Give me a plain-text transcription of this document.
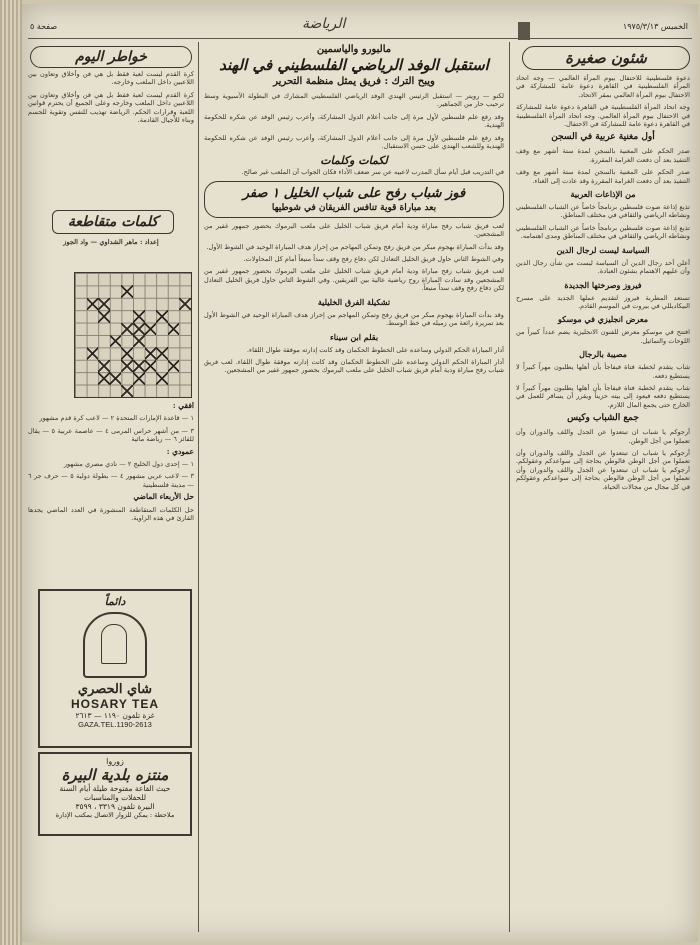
الخميس ١٩٧٥/٣/١٣
الرياضة
صفحة ٥
شئون صغيرة

دعوة فلسطينية للاحتفال بيوم المرأة العالمي — وجه اتحاد المرأة الفلسطينية في القاهرة دعوة عامة للمشاركة في الاحتفال بيوم المرأة العالمي بمقر الاتحاد.

وجه اتحاد المرأة الفلسطينية في القاهرة دعوة عامة للمشاركة في الاحتفال بيوم المرأة العالمي. وجه اتحاد المرأة الفلسطينية في القاهرة دعوة عامة للمشاركة في الاحتفال.

أول مغنية عربية في السجن

صدر الحكم على المغنية بالسجن لمدة ستة أشهر مع وقف التنفيذ بعد أن دفعت الغرامة المقررة.

صدر الحكم على المغنية بالسجن لمدة ستة أشهر مع وقف التنفيذ بعد أن دفعت الغرامة المقررة وقد عادت إلى الغناء.

من الإذاعات العربية

تذيع إذاعة صوت فلسطين برنامجاً خاصاً عن الشباب الفلسطيني ونشاطه الرياضي والثقافي في مختلف المناطق.

تذيع إذاعة صوت فلسطين برنامجاً خاصاً عن الشباب الفلسطيني ونشاطه الرياضي والثقافي في مختلف المناطق ومدى اهتمامه.

السياسة ليست لرجال الدين

أعلن أحد رجال الدين أن السياسة ليست من شأن رجال الدين وأن عليهم الاهتمام بشئون العبادة.

فيروز وصرختها الجديدة

تستعد المطربة فيروز لتقديم عملها الجديد على مسرح البيكاديللي في بيروت في الموسم القادم.

معرض انجليزي في موسكو

افتتح في موسكو معرض للفنون الانجليزية يضم عدداً كبيراً من اللوحات والتماثيل.

مصيبة بالرجال

شاب يتقدم لخطبة فتاة فيفاجأ بأن أهلها يطلبون مهراً كبيراً لا يستطيع دفعه.

شاب يتقدم لخطبة فتاة فيفاجأ بأن أهلها يطلبون مهراً كبيراً لا يستطيع دفعه فيعود إلى بيته حزيناً ويقرر أن يسافر للعمل في الخارج حتى يجمع المال اللازم.

جمع الشباب وكيس

أرجوكم يا شباب ان تبتعدوا عن الجدل واللف والدوران وأن تعملوا من أجل الوطن.

أرجوكم يا شباب ان تبتعدوا عن الجدل واللف والدوران وأن تعملوا من أجل الوطن فالوطن بحاجة إلى سواعدكم وعقولكم. أرجوكم يا شباب ان تبتعدوا عن الجدل واللف والدوران وأن تعملوا من أجل الوطن فالوطن بحاجة إلى سواعدكم وعقولكم في كل مجال من مجالات الحياة.

مالبورو والياسمين
استقبل الوفد الرياضي الفلسطيني في الهند
ويبح الترك : فريق يمثل منظمة التحرير

لكنو — رويتر — استقبل الرئيس الهندي الوفد الرياضي الفلسطيني المشارك في البطولة الآسيوية وسط ترحيب حار من الجماهير.

وقد رفع علم فلسطين لأول مرة إلى جانب أعلام الدول المشاركة، وأعرب رئيس الوفد عن شكره للحكومة الهندية.

وقد رفع علم فلسطين لأول مرة إلى جانب أعلام الدول المشاركة، وأعرب رئيس الوفد عن شكره للحكومة الهندية وللشعب الهندي على حسن الاستقبال.

لكمات وكلمات

في التدريب قبل أيام سأل المدرب لاعبيه عن سر ضعف الأداء فكان الجواب أن الملعب غير صالح.

فوز شباب رفح على شباب الخليل ١ صفر
بعد مباراة قوية تنافس الفريقان في شوطيها

لعب فريق شباب رفح مباراة ودية أمام فريق شباب الخليل على ملعب اليرموك بحضور جمهور غفير من المشجعين.

وقد بدأت المباراة بهجوم مبكر من فريق رفح وتمكن المهاجم من إحراز هدف المباراة الوحيد في الشوط الأول.

وفي الشوط الثاني حاول فريق الخليل التعادل لكن دفاع رفح وقف سداً منيعاً أمام كل المحاولات.

لعب فريق شباب رفح مباراة ودية أمام فريق شباب الخليل على ملعب اليرموك بحضور جمهور غفير من المشجعين وقد سادت المباراة روح رياضية عالية بين الفريقين. وفي الشوط الثاني حاول فريق الخليل التعادل لكن دفاع رفح وقف سداً منيعاً.

تشكيلة الفرق الخليلية

وقد بدأت المباراة بهجوم مبكر من فريق رفح وتمكن المهاجم من إحراز هدف المباراة الوحيد في الشوط الأول بعد تمريرة رائعة من زميله في خط الوسط.

بقلم ابن سيناء

أدار المباراة الحكم الدولي وساعده على الخطوط الحكمان وقد كانت إدارته موفقة طوال اللقاء.

أدار المباراة الحكم الدولي وساعده على الخطوط الحكمان وقد كانت إدارته موفقة طوال اللقاء. لعب فريق شباب رفح مباراة ودية أمام فريق شباب الخليل على ملعب اليرموك بحضور جمهور غفير من المشجعين.

خواطر اليوم

كرة القدم ليست لعبة فقط بل هي فن وأخلاق وتعاون بين اللاعبين داخل الملعب وخارجه.

كرة القدم ليست لعبة فقط بل هي فن وأخلاق وتعاون بين اللاعبين داخل الملعب وخارجه وعلى الجميع أن يحترم قوانين اللعبة وقرارات الحكم. الرياضة تهذيب للنفس وتقوية للجسم وبناء للأجيال القادمة.

كلمات متقاطعة
إعداد : ماهر الشداوي — واد الجوز

أفقي :

١ — قاعدة الإمارات المتحدة ٢ — لاعب كرة قدم مشهور

٣ — من أشهر حراس المرمى ٤ — عاصمة عربية ٥ — يقال للفائز ٦ — رياضة مائية

عمودي :

١ — إحدى دول الخليج ٢ — نادي مصري مشهور

٣ — لاعب عربي مشهور ٤ — بطولة دولية ٥ — حرف جر ٦ — مدينة فلسطينية

حل الأربعاء الماضي

حل الكلمات المتقاطعة المنشورة في العدد الماضي يجدها القارئ في هذه الزاوية.

دائماً
شاي الحصري
HOSARY TEA
غزة تلفون ١١٩٠ — ٢٦١٣
GAZA.TEL.1190-2613
زوروا
منتزه بلدية البيرة
حيث القاعة مفتوحة طيلة أيام السنة
للحفلات والمناسبات
البيرة تلفون ٣٣١٩ ، ٣٥٩٩
ملاحظة : يمكن للزوار الاتصال بمكتب الإدارة
